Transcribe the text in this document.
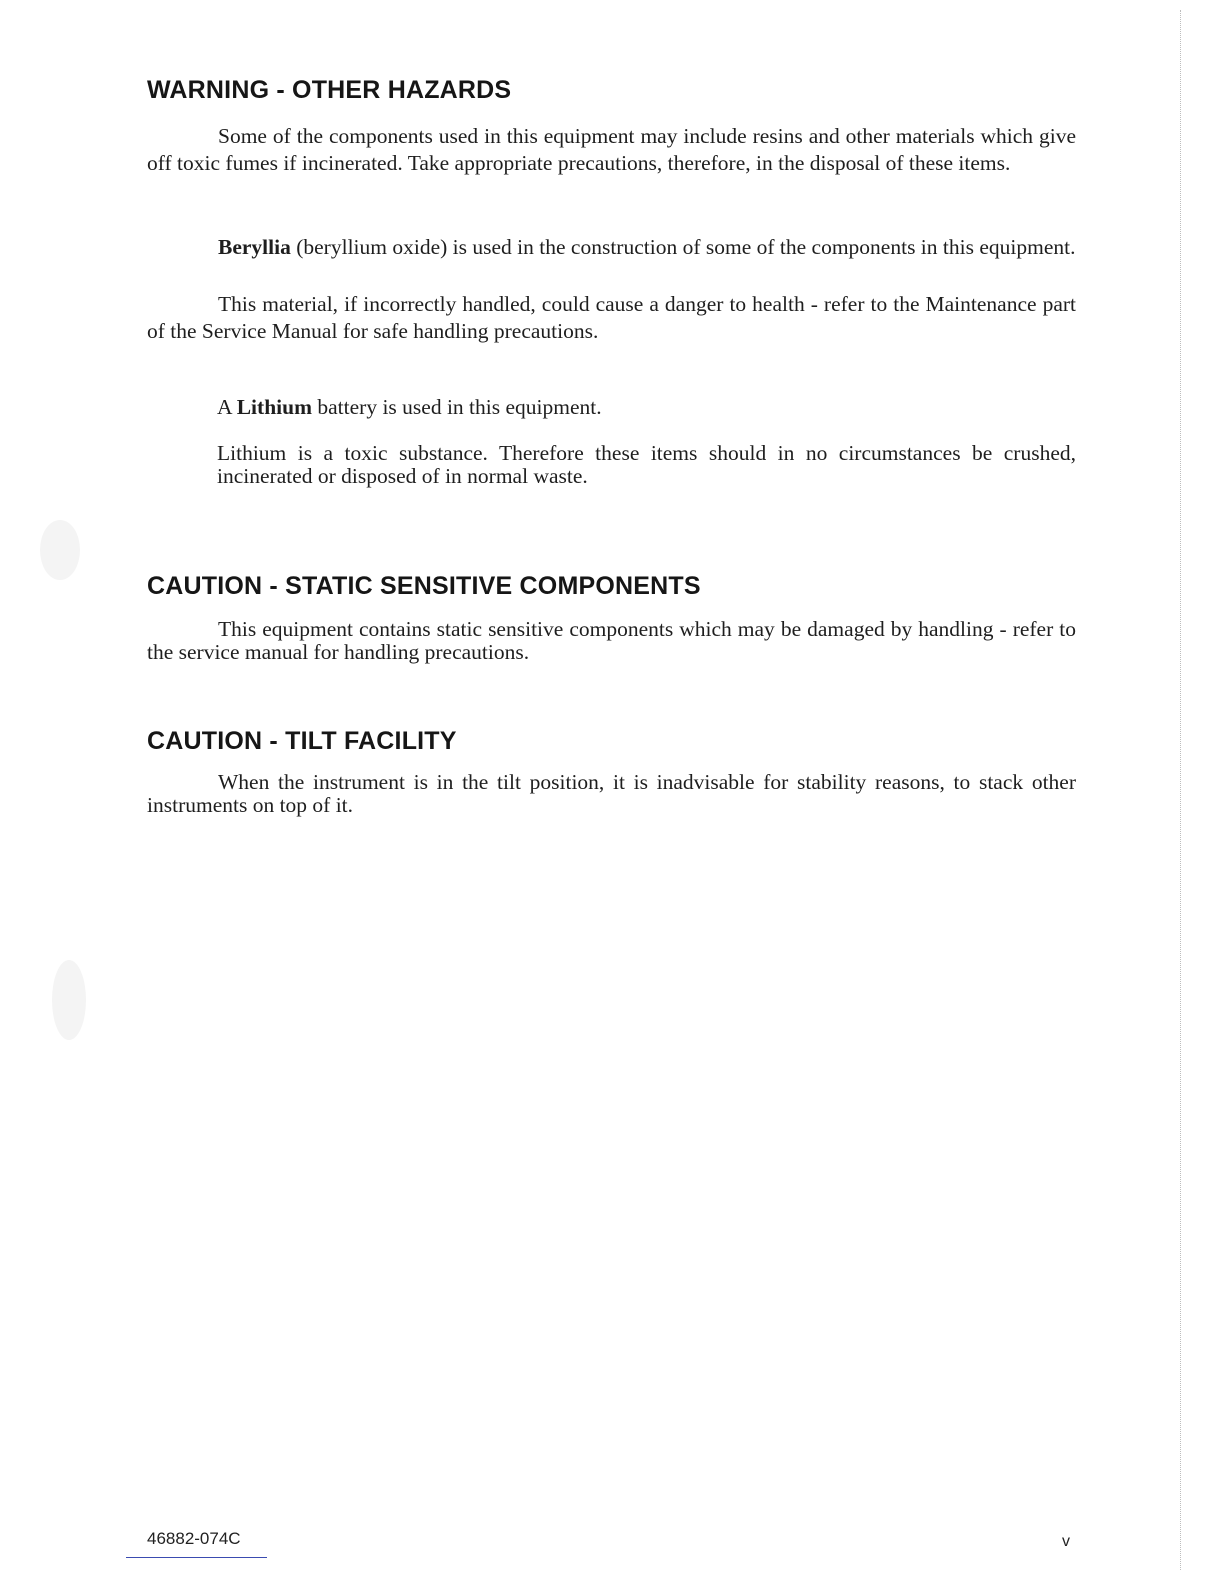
WARNING - OTHER HAZARDS

Some of the components used in this equipment may include resins and other materials which give off toxic fumes if incinerated. Take appropriate precautions, therefore, in the disposal of these items.

Beryllia (beryllium oxide) is used in the construction of some of the components in this equipment.

This material, if incorrectly handled, could cause a danger to health - refer to the Maintenance part of the Service Manual for safe handling precautions.

A Lithium battery is used in this equipment.

Lithium is a toxic substance. Therefore these items should in no circumstances be crushed, incinerated or disposed of in normal waste.

CAUTION - STATIC SENSITIVE COMPONENTS

This equipment contains static sensitive components which may be damaged by handling - refer to the service manual for handling precautions.

CAUTION - TILT FACILITY

When the instrument is in the tilt position, it is inadvisable for stability reasons, to stack other instruments on top of it.

46882-074C	v
